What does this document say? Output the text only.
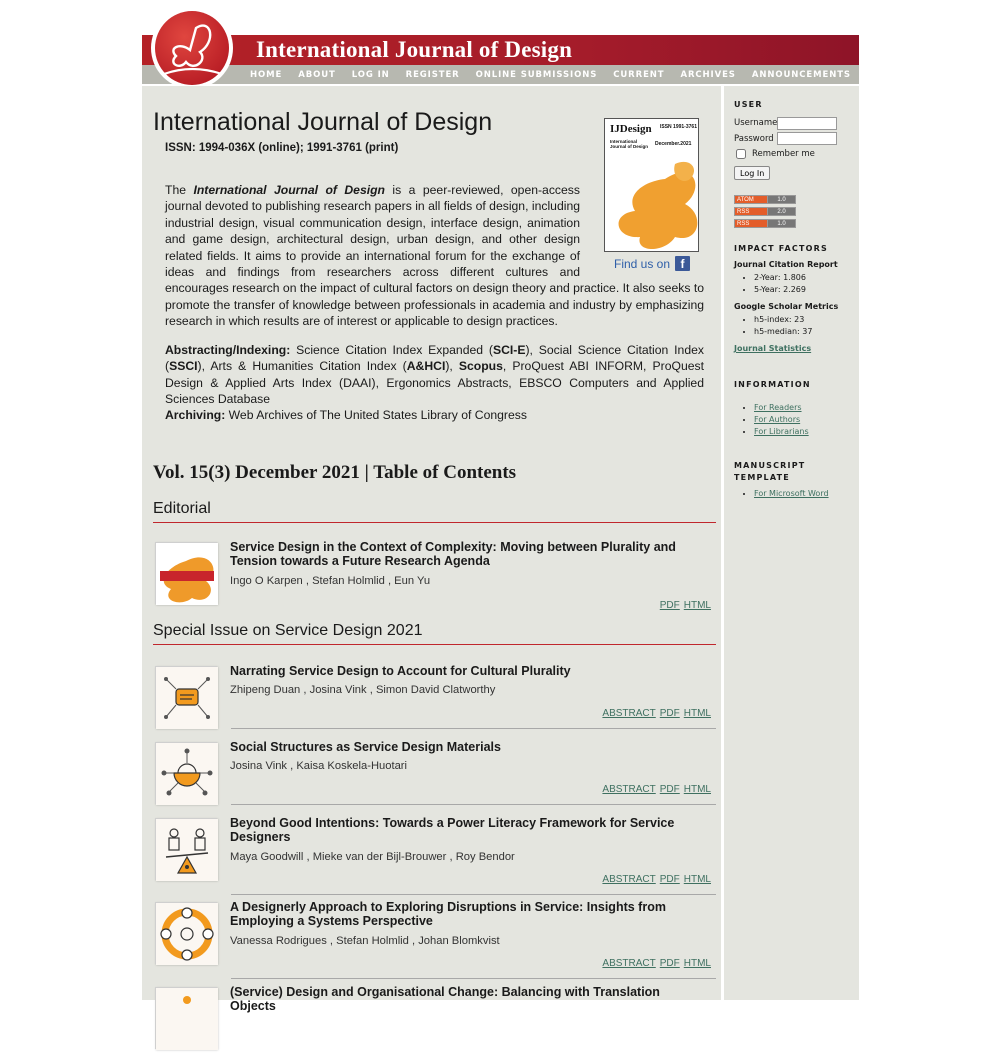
International Journal of Design
HOME ABOUT LOG IN REGISTER ONLINE SUBMISSIONS CURRENT ARCHIVES ANNOUNCEMENTS
International Journal of Design
ISSN: 1994-036X (online); 1991-3761 (print)
IJDesign ISSN 1991-3761
International Journal of Design	December.2021
Find us on f
The International Journal of Design is a peer-reviewed, open-access journal devoted to publishing research papers in all fields of design, including industrial design, visual communication design, interface design, animation and game design, architectural design, urban design, and other design related fields. It aims to provide an international forum for the exchange of ideas and findings from researchers across different cultures and encourages research on the impact of cultural factors on design theory and practice. It also seeks to promote the transfer of knowledge between professionals in academia and industry by emphasizing research in which results are of interest or applicable to design practices.
Abstracting/Indexing: Science Citation Index Expanded (SCI-E), Social Science Citation Index (SSCI), Arts & Humanities Citation Index (A&HCI), Scopus, ProQuest ABI INFORM, ProQuest Design & Applied Arts Index (DAAI), Ergonomics Abstracts, EBSCO Computers and Applied Sciences Database
Archiving: Web Archives of The United States Library of Congress
Vol. 15(3) December 2021 | Table of Contents
Editorial
Service Design in the Context of Complexity: Moving between Plurality and Tension towards a Future Research Agenda
Ingo O Karpen , Stefan Holmlid , Eun Yu
PDF HTML
Special Issue on Service Design 2021
Narrating Service Design to Account for Cultural Plurality
Zhipeng Duan , Josina Vink , Simon David Clatworthy
ABSTRACT PDF HTML
Social Structures as Service Design Materials
Josina Vink , Kaisa Koskela-Huotari
ABSTRACT PDF HTML
Beyond Good Intentions: Towards a Power Literacy Framework for Service Designers
Maya Goodwill , Mieke van der Bijl-Brouwer , Roy Bendor
ABSTRACT PDF HTML
A Designerly Approach to Exploring Disruptions in Service: Insights from Employing a Systems Perspective
Vanessa Rodrigues , Stefan Holmlid , Johan Blomkvist
ABSTRACT PDF HTML
(Service) Design and Organisational Change: Balancing with Translation Objects
USER
Username
Password
Remember me
Log In
ATOM	1.0
RSS	2.0
RSS	1.0
IMPACT FACTORS
Journal Citation Report
• 2-Year: 1.806
• 5-Year: 2.269
Google Scholar Metrics
• h5-index: 23
• h5-median: 37
Journal Statistics
INFORMATION
• For Readers
• For Authors
• For Librarians
MANUSCRIPT TEMPLATE
• For Microsoft Word
